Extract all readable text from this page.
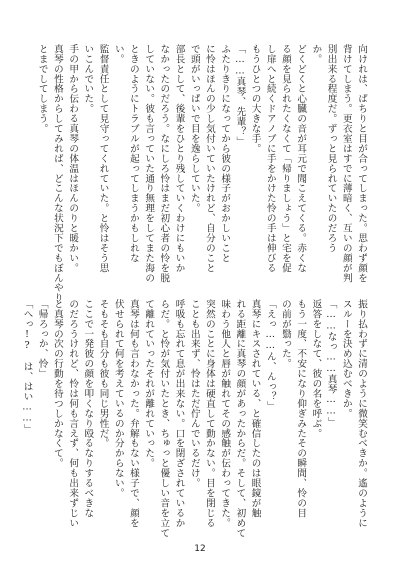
向けれは、ぱちりと目が合ってしまった。思わず顔を

背けてしまう。更衣室はすでに薄暗く、互いの顔が判

別出来る程度だ。ずっと見られていたのだろう

か。

どくどくと心臓の音が耳元で聞こえてくる。赤くな

る顔を見られたくなくて「帰りましょう」と宅を促

し扉へと続くドアノブに手をかけた怜の手は伸びる

もうひとつの大きな手。

「……真琴、先輩？」

ふたりきりになってから彼の様子がおかしいこと

に怜はほんの少し気付いていたけれど、自分のこと

で頭がいっぱいで目を逸らしていた。

部長として、後輩をひとり残していくわけにもいか

なかったのだろう。なにしろ怜はまだ初心者の怜を脱

していない。彼も言っていた通り無理をしてまた海の

ときのようにトラブルが起ってしまうかもしれな

い。

監督責任として見守ってくれていた。と怜はそう思

いこんでいた。

手の甲から伝わる真琴の体温はほんのりと暖かい。

真琴の性格からしてみれば、どこんな状況下でもぼんやり

とまでしてしまう。

振り払わずに清のように微笑むべきか。遙のように

スルーを決め込むべきか。

「……なっ……真琴……」

返答をしなて、彼の名を呼ぶ。

もう一度、不安になり仰ぎみたその瞬間、怜の目

の前が翳った。

「えっ……ん、んっ？」

真琴にキスされている、と確信したのは眼鏡が触

れる距離に真琴の顔があったからだ。そして、初めて

味わう他人と唇が触れてその感触が伝わってきた。

突然のことに身体は硬直して動かない。目を閉じる

ことも出来ず、怜はただ佇んでいるだけ。

呼吸も忘れて息が出来ない。口を閉ざされているか

らだ。と怜が気付いたとき、ちゅっと優しい音を立て

て離れていったそれが離れていった。

真琴は何も言わなかった。弁解もない様子で、顔を

伏せられて何を考えているのか分からない。

そもそも自分も彼も同じ男性だ。

ここで一発彼の顔を叩くなり殴るなりするべきな

のだろうけれど、怜は何も言えず、何も出来ずじい

と真琴の次の行動を待つしかなくて。

「帰ろっか、怜」

「へっ!?　は、はい……」

12
